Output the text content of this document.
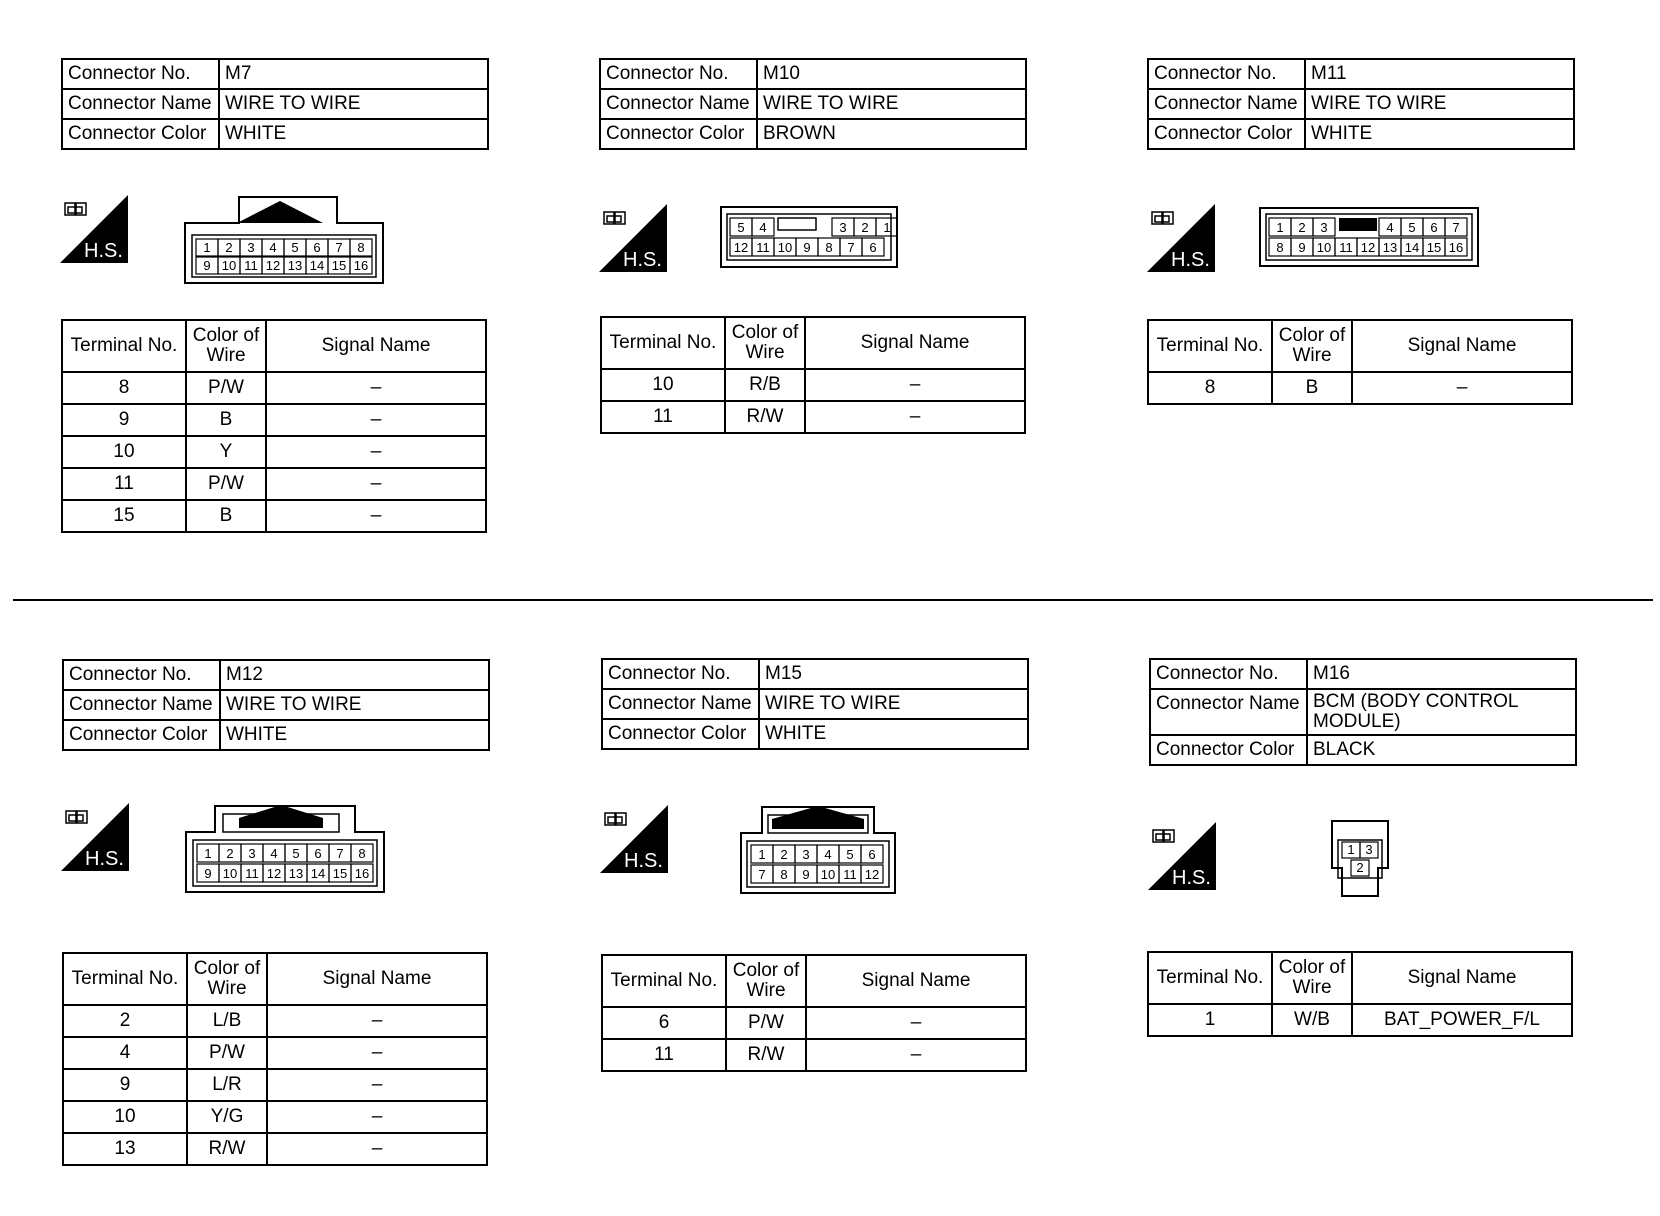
Connector No.	M7
Connector Name	WIRE TO WIRE
Connector Color	WHITE
H.S.	1 2 3 4 5 6 7 8
9 10 11 12 13 14 15 16
Terminal No.	Color of Wire	Signal Name
8	P/W	–
9	B	–
10	Y	–
11	P/W	–
15	B	–
Connector No.	M10
Connector Name	WIRE TO WIRE
Connector Color	BROWN
H.S.
5 4	3 2 1
12 11 10 9 8 7 6
Terminal No.	Color of Wire	Signal Name
10	R/B	–
11	R/W	–
Connector No.	M11
Connector Name	WIRE TO WIRE
Connector Color	WHITE
H.S.
1 2 3	4 5 6 7
8 9 10 11 12 13 14 15 16
Terminal No.	Color of Wire	Signal Name
8	B	–
Connector No.	M12
Connector Name	WIRE TO WIRE
Connector Color	WHITE
H.S.	1 2 3 4 5 6 7 8
9 10 11 12 13 14 15 16
Terminal No.	Color of Wire	Signal Name
2	L/B	–
4	P/W	–
9	L/R	–
10	Y/G	–
13	R/W	–
Connector No.	M15
Connector Name	WIRE TO WIRE
Connector Color	WHITE
H.S.	1 2 3 4 5 6
7 8 9 10 11 12
Terminal No.	Color of Wire	Signal Name
6	P/W	–
11	R/W	–
Connector No.	M16
Connector Name	BCM (BODY CONTROL MODULE)
Connector Color	BLACK
H.S.
1 3
2
Terminal No.	Color of Wire	Signal Name
1	W/B	BAT_POWER_F/L
